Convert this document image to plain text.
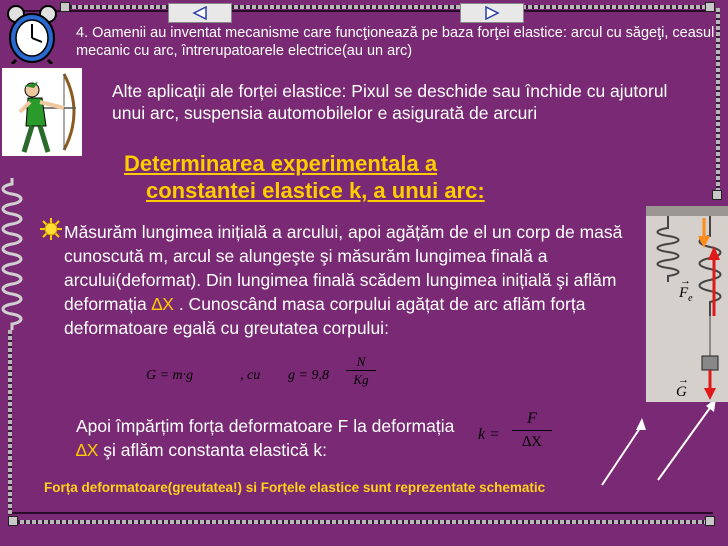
4. Oamenii au inventat mecanisme care funcţionează pe baza forţei elastice: arcul cu săgeţi, ceasul mecanic cu arc, întrerupatoarele electrice(au un arc)
Alte aplicații ale forței elastice: Pixul se deschide sau închide cu ajutorul unui arc, suspensia automobilelor e asigurată de arcuri
Determinarea experimentala a
constantei elastice k, a unui arc:
Măsurăm lungimea inițială a arcului, apoi agățăm de el un corp de masă cunoscută m, arcul se alungeşte şi măsurăm lungimea finală a arcului(deformat). Din lungimea finală scădem lungimea inițială şi aflăm deformația ∆X . Cunoscând masa corpului agățat de arc aflăm forța deformatoare egală cu greutatea corpului:
G = m·g	, cu g = 9,8
N
Kg
Apoi împărțim forța deformatoare F la deformația ∆X şi aflăm constanta elastică k:
k =
F
∆X
Forța deformatoare(greutatea!) si Forțele elastice sunt reprezentate schematic
→
$F_e$
→
G
